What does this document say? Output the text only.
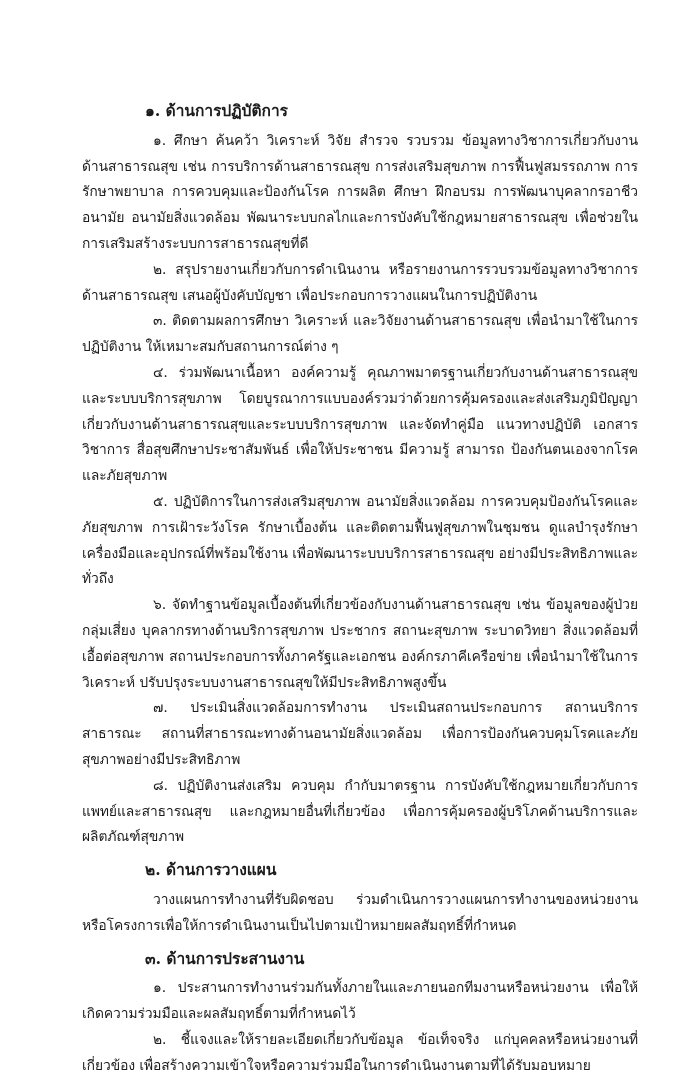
๑. ด้านการปฏิบัติการ

๑. ศึกษา ค้นคว้า วิเคราะห์ วิจัย สำรวจ รวบรวม ข้อมูลทางวิชาการเกี่ยวกับงานด้านสาธารณสุข เช่น การบริการด้านสาธารณสุข การส่งเสริมสุขภาพ การฟื้นฟูสมรรถภาพ การรักษาพยาบาล การควบคุมและป้องกันโรค การผลิต ศึกษา ฝึกอบรม การพัฒนาบุคลากรอาชีวอนามัย อนามัยสิ่งแวดล้อม พัฒนาระบบกลไกและการบังคับใช้กฎหมายสาธารณสุข เพื่อช่วยในการเสริมสร้างระบบการสาธารณสุขที่ดี

๒. สรุปรายงานเกี่ยวกับการดำเนินงาน หรือรายงานการรวบรวมข้อมูลทางวิชาการด้านสาธารณสุข เสนอผู้บังคับบัญชา เพื่อประกอบการวางแผนในการปฏิบัติงาน

๓. ติดตามผลการศึกษา วิเคราะห์ และวิจัยงานด้านสาธารณสุข เพื่อนำมาใช้ในการปฏิบัติงาน ให้เหมาะสมกับสถานการณ์ต่าง ๆ

๔. ร่วมพัฒนาเนื้อหา องค์ความรู้ คุณภาพมาตรฐานเกี่ยวกับงานด้านสาธารณสุข และระบบบริการสุขภาพ โดยบูรณาการแบบองค์รวมว่าด้วยการคุ้มครองและส่งเสริมภูมิปัญญา เกี่ยวกับงานด้านสาธารณสุขและระบบบริการสุขภาพ และจัดทำคู่มือ แนวทางปฏิบัติ เอกสารวิชาการ สื่อสุขศึกษาประชาสัมพันธ์ เพื่อให้ประชาชน มีความรู้ สามารถ ป้องกันตนเองจากโรคและภัยสุขภาพ

๕. ปฏิบัติการในการส่งเสริมสุขภาพ อนามัยสิ่งแวดล้อม การควบคุมป้องกันโรคและภัยสุขภาพ การเฝ้าระวังโรค รักษาเบื้องต้น และติดตามฟื้นฟูสุขภาพในชุมชน ดูแลบำรุงรักษาเครื่องมือและอุปกรณ์ที่พร้อมใช้งาน เพื่อพัฒนาระบบบริการสาธารณสุข อย่างมีประสิทธิภาพและทั่วถึง

๖. จัดทำฐานข้อมูลเบื้องต้นที่เกี่ยวข้องกับงานด้านสาธารณสุข เช่น ข้อมูลของผู้ป่วยกลุ่มเสี่ยง บุคลากรทางด้านบริการสุขภาพ ประชากร สถานะสุขภาพ ระบาดวิทยา สิ่งแวดล้อมที่เอื้อต่อสุขภาพ สถานประกอบการทั้งภาครัฐและเอกชน องค์กรภาคีเครือข่าย เพื่อนำมาใช้ในการวิเคราะห์ ปรับปรุงระบบงานสาธารณสุขให้มีประสิทธิภาพสูงขึ้น

๗. ประเมินสิ่งแวดล้อมการทำงาน ประเมินสถานประกอบการ สถานบริการสาธารณะ สถานที่สาธารณะทางด้านอนามัยสิ่งแวดล้อม เพื่อการป้องกันควบคุมโรคและภัยสุขภาพอย่างมีประสิทธิภาพ

๘. ปฏิบัติงานส่งเสริม ควบคุม กำกับมาตรฐาน การบังคับใช้กฎหมายเกี่ยวกับการแพทย์และสาธารณสุข และกฎหมายอื่นที่เกี่ยวข้อง เพื่อการคุ้มครองผู้บริโภคด้านบริการและผลิตภัณฑ์สุขภาพ

๒. ด้านการวางแผน

วางแผนการทำงานที่รับผิดชอบ ร่วมดำเนินการวางแผนการทำงานของหน่วยงานหรือโครงการเพื่อให้การดำเนินงานเป็นไปตามเป้าหมายผลสัมฤทธิ์ที่กำหนด

๓. ด้านการประสานงาน

๑. ประสานการทำงานร่วมกันทั้งภายในและภายนอกทีมงานหรือหน่วยงาน เพื่อให้เกิดความร่วมมือและผลสัมฤทธิ์ตามที่กำหนดไว้

๒. ชี้แจงและให้รายละเอียดเกี่ยวกับข้อมูล ข้อเท็จจริง แก่บุคคลหรือหน่วยงานที่เกี่ยวข้อง เพื่อสร้างความเข้าใจหรือความร่วมมือในการดำเนินงานตามที่ได้รับมอบหมาย
